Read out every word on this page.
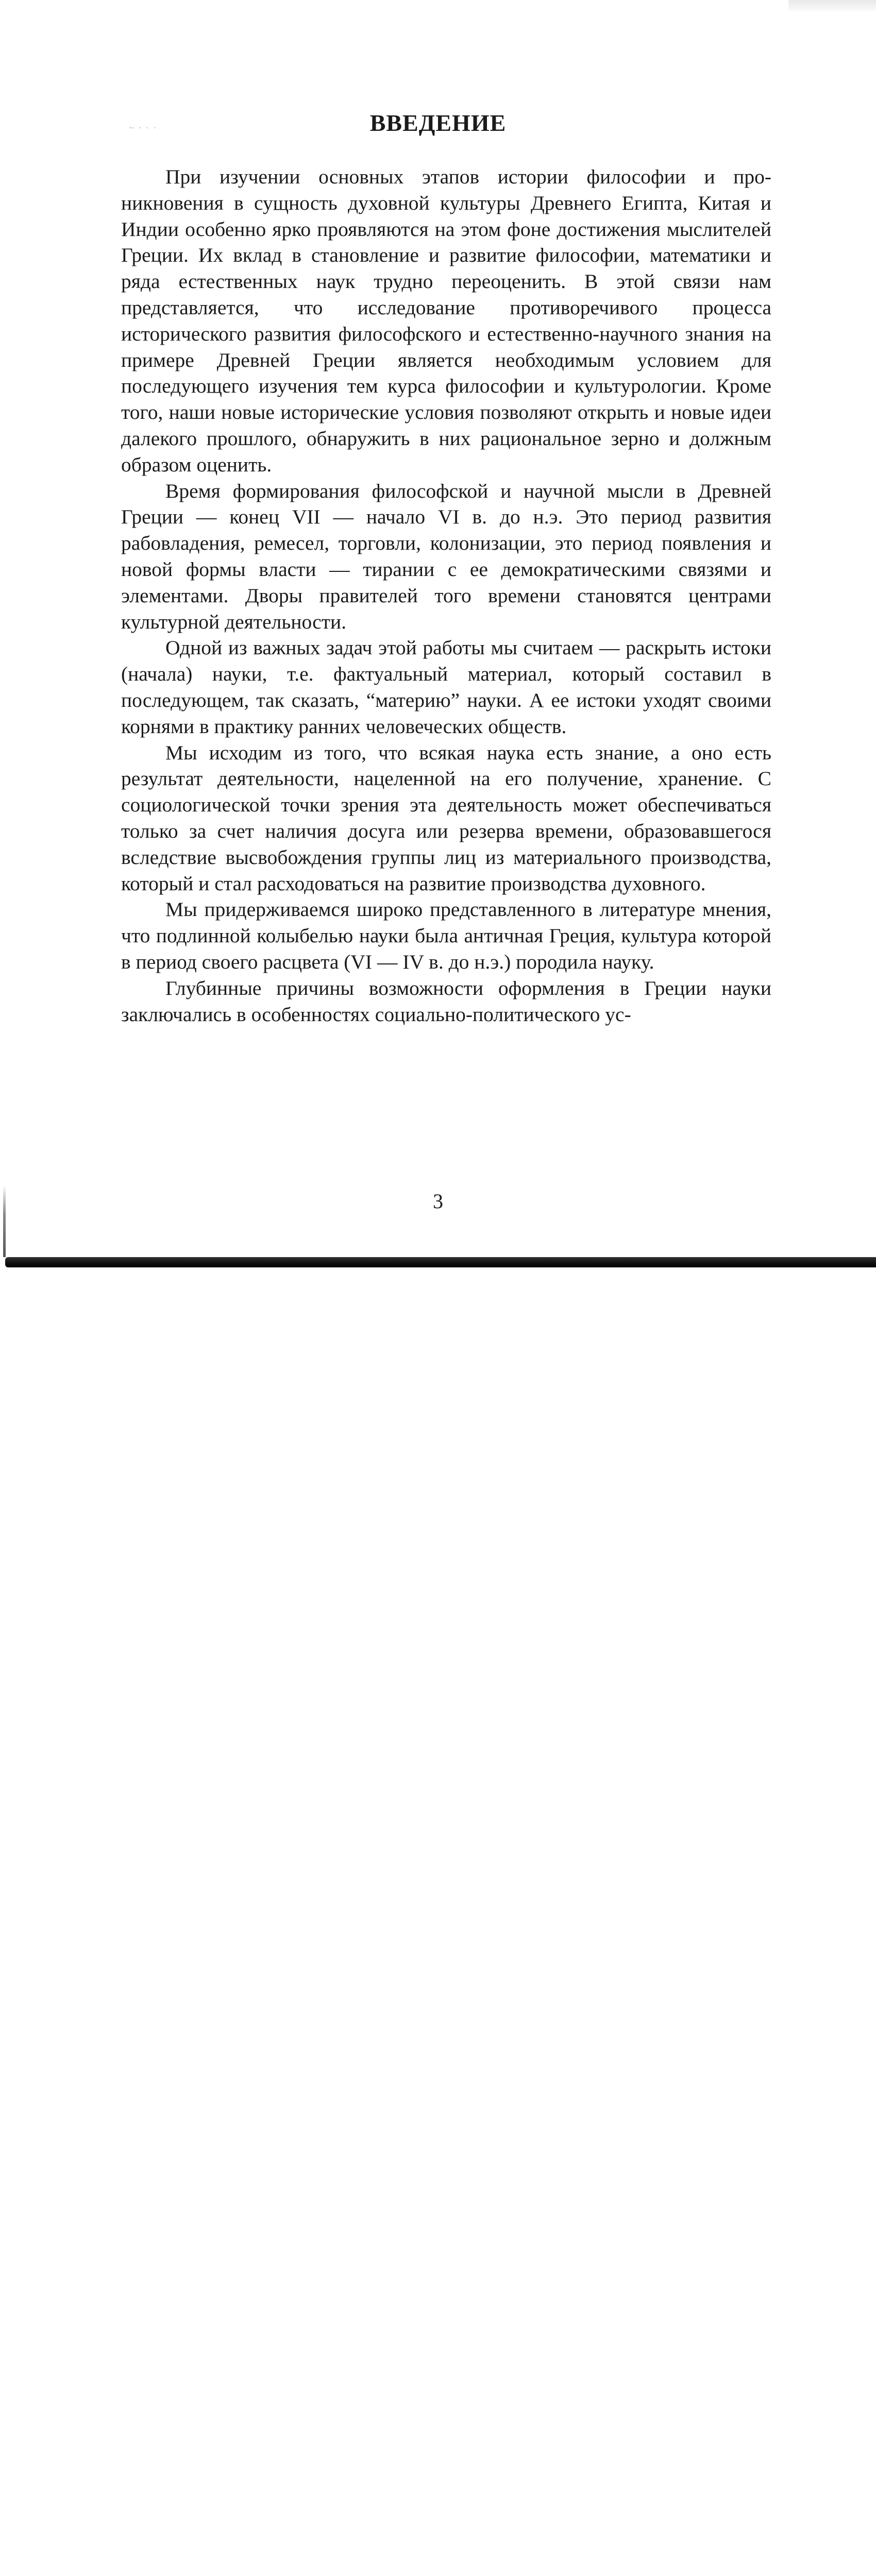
~ · · ·	ВВЕДЕНИЕ

При изучении основных этапов истории философии и проникновения в сущность духовной культуры Древнего Египта, Китая и Индии особенно ярко проявляются на этом фоне достижения мыслителей Греции. Их вклад в становление и развитие философии, математики и ряда естественных наук трудно переоценить. В этой связи нам представляется, что исследование противоречивого процесса исторического развития философского и естественно-научного знания на примере Древней Греции является необходимым условием для последующего изучения тем курса философии и культурологии. Кроме того, наши новые исторические условия позволяют открыть и новые идеи далекого прошлого, обнаружить в них рациональное зерно и должным образом оценить.

Время формирования философской и научной мысли в Древней Греции — конец VII — начало VI в. до н.э. Это период развития рабовладения, ремесел, торговли, колонизации, это период появления и новой формы власти — тирании с ее демократическими связями и элементами. Дворы правителей того времени становятся центрами культурной деятельности.

Одной из важных задач этой работы мы считаем — раскрыть истоки (начала) науки, т.е. фактуальный материал, который составил в последующем, так сказать, “материю” науки. А ее истоки уходят своими корнями в практику ранних человеческих обществ.

Мы исходим из того, что всякая наука есть знание, а оно есть результат деятельности, нацеленной на его получение, хранение. С социологической точки зрения эта деятельность может обеспечиваться только за счет наличия досуга или резерва времени, образовавшегося вследствие высвобождения группы лиц из материального производства, который и стал расходоваться на развитие производства духовного.

Мы придерживаемся широко представленного в литературе мнения, что подлинной колыбелью науки была античная Греция, культура которой в период своего расцвета (VI — IV в. до н.э.) породила науку.

Глубинные причины возможности оформления в Греции науки заключались в особенностях социально-политического ус-

3
